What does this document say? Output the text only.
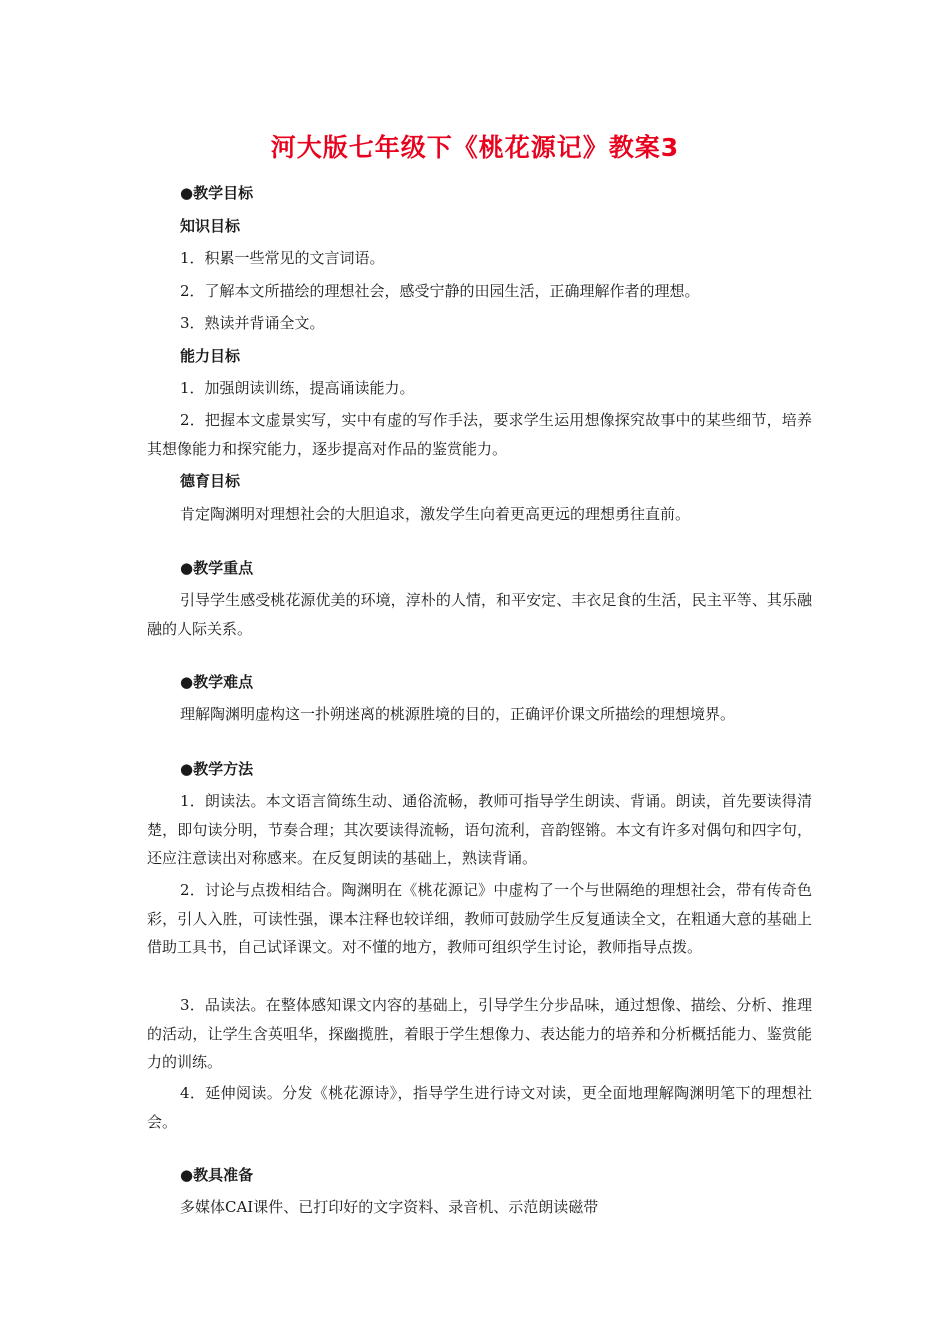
河大版七年级下《桃花源记》教案3
●教学目标
知识目标
1．积累一些常见的文言词语。
2．了解本文所描绘的理想社会，感受宁静的田园生活，正确理解作者的理想。
3．熟读并背诵全文。
能力目标
1．加强朗读训练，提高诵读能力。
2．把握本文虚景实写，实中有虚的写作手法，要求学生运用想像探究故事中的某些细节，培养其想像能力和探究能力，逐步提高对作品的鉴赏能力。
德育目标
肯定陶渊明对理想社会的大胆追求，激发学生向着更高更远的理想勇往直前。
●教学重点
引导学生感受桃花源优美的环境，淳朴的人情，和平安定、丰衣足食的生活，民主平等、其乐融融的人际关系。
●教学难点
理解陶渊明虚构这一扑朔迷离的桃源胜境的目的，正确评价课文所描绘的理想境界。
●教学方法
1．朗读法。本文语言简练生动、通俗流畅，教师可指导学生朗读、背诵。朗读，首先要读得清楚，即句读分明，节奏合理；其次要读得流畅，语句流利，音韵铿锵。本文有许多对偶句和四字句，还应注意读出对称感来。在反复朗读的基础上，熟读背诵。
2．讨论与点拨相结合。陶渊明在《桃花源记》中虚构了一个与世隔绝的理想社会，带有传奇色彩，引人入胜，可读性强，课本注释也较详细，教师可鼓励学生反复通读全文，在粗通大意的基础上借助工具书，自己试译课文。对不懂的地方，教师可组织学生讨论，教师指导点拨。
3．品读法。在整体感知课文内容的基础上，引导学生分步品味，通过想像、描绘、分析、推理的活动，让学生含英咀华，探幽揽胜，着眼于学生想像力、表达能力的培养和分析概括能力、鉴赏能力的训练。
4．延伸阅读。分发《桃花源诗》，指导学生进行诗文对读，更全面地理解陶渊明笔下的理想社会。
●教具准备
多媒体CAI课件、已打印好的文字资料、录音机、示范朗读磁带
